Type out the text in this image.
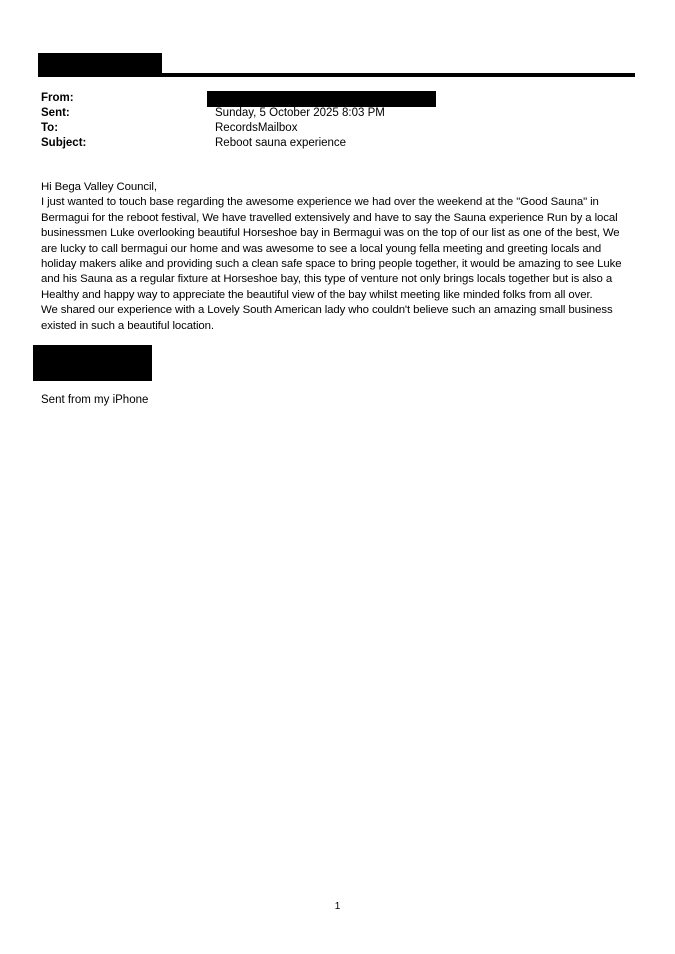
From:
Sent:	Sunday, 5 October 2025 8:03 PM
To:	RecordsMailbox
Subject:	Reboot sauna experience

Hi Bega Valley Council,

I just wanted to touch base regarding the awesome experience we had over the weekend at the "Good Sauna" in Bermagui for the reboot festival, We have travelled extensively and have to say the Sauna experience Run by a local businessmen Luke overlooking beautiful Horseshoe bay in Bermagui was on the top of our list as one of the best, We are lucky to call bermagui our home and was awesome to see a local young fella meeting and greeting locals and holiday makers alike and providing such a clean safe space to bring people together, it would be amazing to see Luke and his Sauna as a regular fixture at Horseshoe bay, this type of venture not only brings locals together but is also a Healthy and happy way to appreciate the beautiful view of the bay whilst meeting like minded folks from all over.

We shared our experience with a Lovely South American lady who couldn't believe such an amazing small business existed in such a beautiful location.

Sent from my iPhone
1
